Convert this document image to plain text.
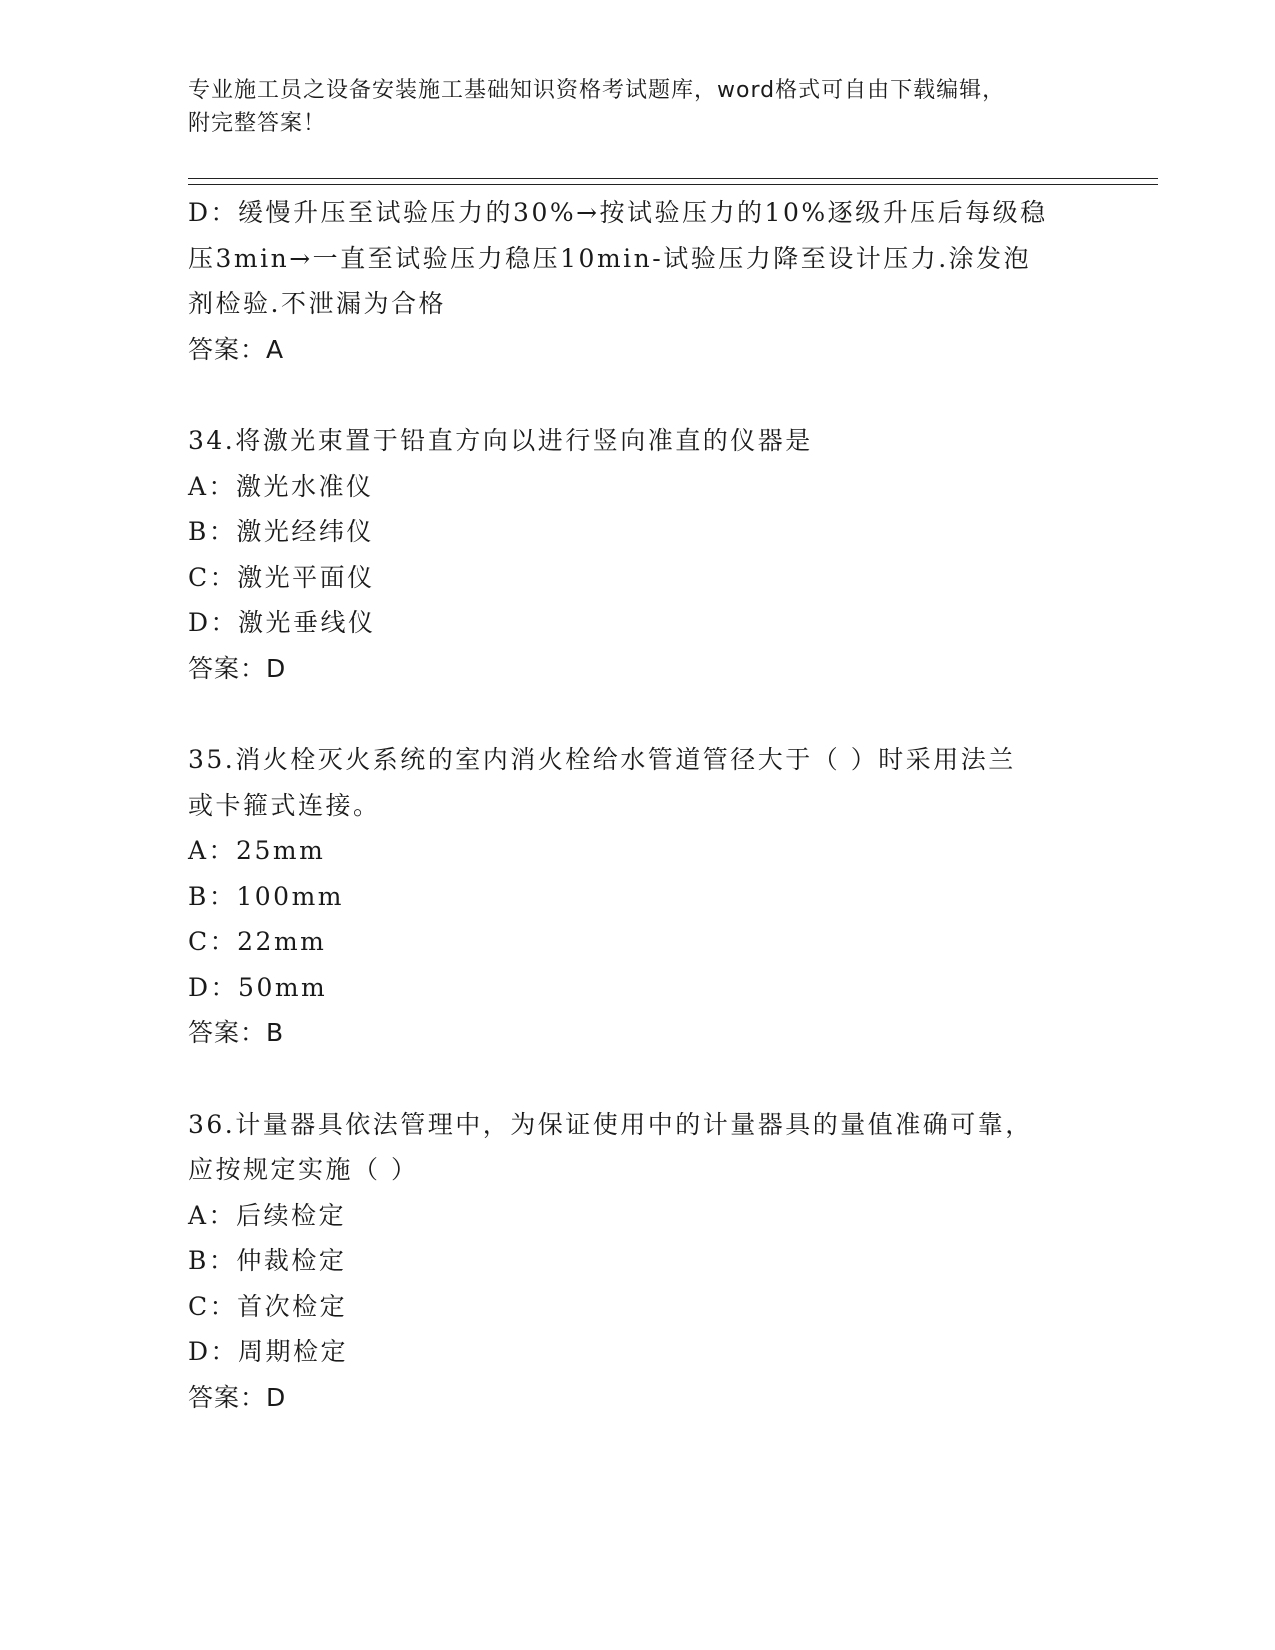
专业施工员之设备安装施工基础知识资格考试题库，word格式可自由下载编辑，
附完整答案！
D：缓慢升压至试验压力的30%→按试验压力的10%逐级升压后每级稳
压3min→一直至试验压力稳压10min-试验压力降至设计压力.涂发泡
剂检验.不泄漏为合格
答案：A
34.将激光束置于铅直方向以进行竖向准直的仪器是
A：激光水准仪
B：激光经纬仪
C：激光平面仪
D：激光垂线仪
答案：D
35.消火栓灭火系统的室内消火栓给水管道管径大于（ ）时采用法兰
或卡箍式连接。
A：25mm
B：100mm
C：22mm
D：50mm
答案：B
36.计量器具依法管理中，为保证使用中的计量器具的量值准确可靠，
应按规定实施（ ）
A：后续检定
B：仲裁检定
C：首次检定
D：周期检定
答案：D
